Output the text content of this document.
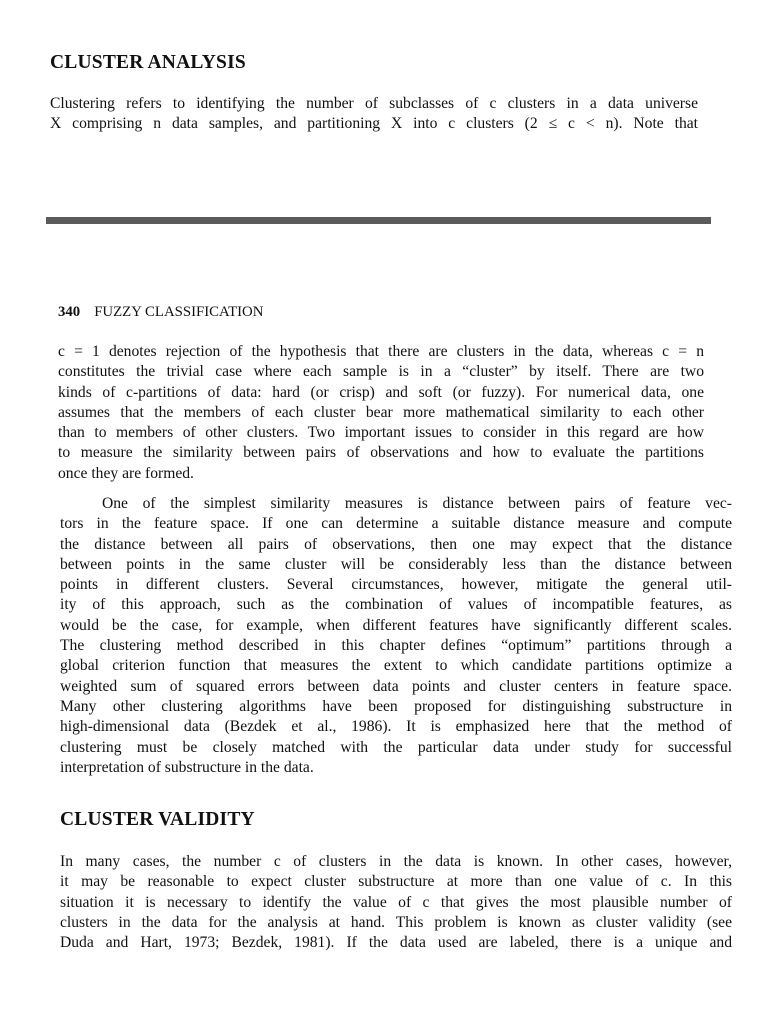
CLUSTER ANALYSIS
Clustering refers to identifying the number of subclasses of c clusters in a data universe
X comprising n data samples, and partitioning X into c clusters (2 ≤ c < n). Note that
340 FUZZY CLASSIFICATION
c = 1 denotes rejection of the hypothesis that there are clusters in the data, whereas c = n
constitutes the trivial case where each sample is in a “cluster” by itself. There are two
kinds of c-partitions of data: hard (or crisp) and soft (or fuzzy). For numerical data, one
assumes that the members of each cluster bear more mathematical similarity to each other
than to members of other clusters. Two important issues to consider in this regard are how
to measure the similarity between pairs of observations and how to evaluate the partitions
once they are formed.
One of the simplest similarity measures is distance between pairs of feature vec-
tors in the feature space. If one can determine a suitable distance measure and compute
the distance between all pairs of observations, then one may expect that the distance
between points in the same cluster will be considerably less than the distance between
points in different clusters. Several circumstances, however, mitigate the general util-
ity of this approach, such as the combination of values of incompatible features, as
would be the case, for example, when different features have significantly different scales.
The clustering method described in this chapter defines “optimum” partitions through a
global criterion function that measures the extent to which candidate partitions optimize a
weighted sum of squared errors between data points and cluster centers in feature space.
Many other clustering algorithms have been proposed for distinguishing substructure in
high-dimensional data (Bezdek et al., 1986). It is emphasized here that the method of
clustering must be closely matched with the particular data under study for successful
interpretation of substructure in the data.
CLUSTER VALIDITY
In many cases, the number c of clusters in the data is known. In other cases, however,
it may be reasonable to expect cluster substructure at more than one value of c. In this
situation it is necessary to identify the value of c that gives the most plausible number of
clusters in the data for the analysis at hand. This problem is known as cluster validity (see
Duda and Hart, 1973; Bezdek, 1981). If the data used are labeled, there is a unique and
